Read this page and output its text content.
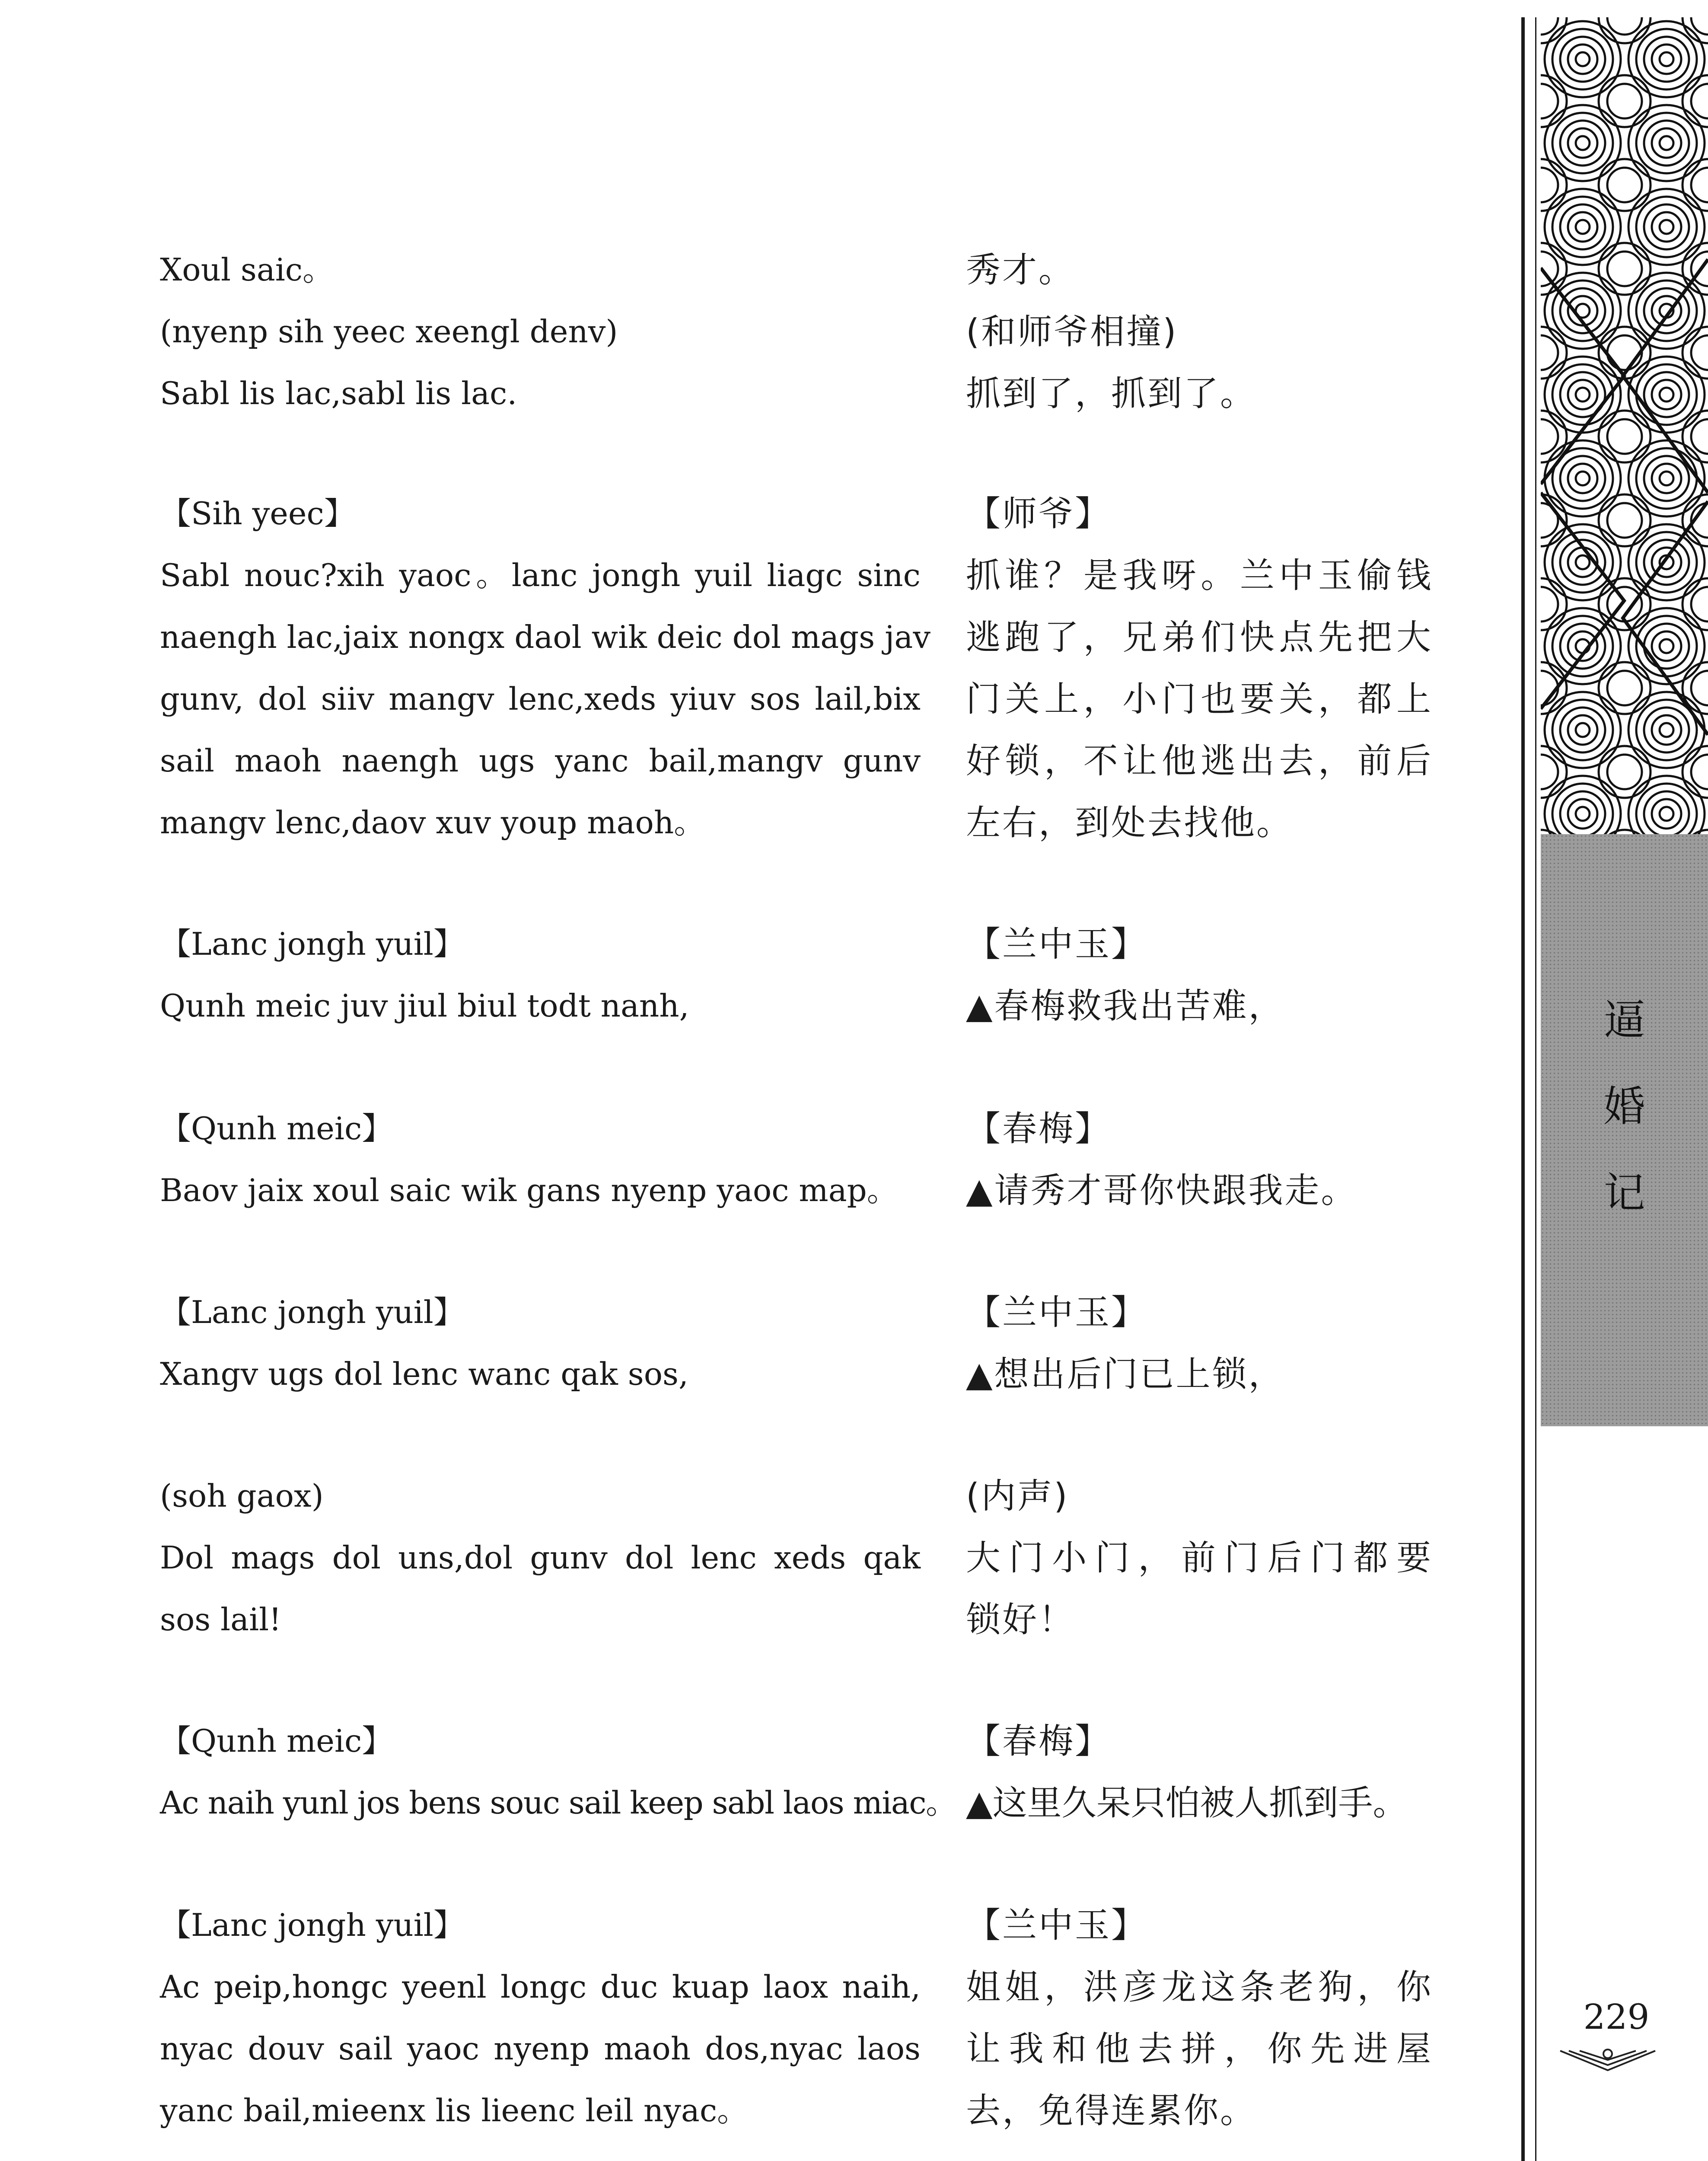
Xoul saic。
(nyenp sih yeec xeengl denv)
Sabl lis lac,sabl lis lac.
【Sih yeec】
Sabl nouc?xih yaoc。lanc jongh yuil liagc sinc
naengh lac,jaix nongx daol wik deic dol mags jav
gunv, dol siiv mangv lenc,xeds yiuv sos lail,bix
sail maoh naengh ugs yanc bail,mangv gunv
mangv lenc,daov xuv youp maoh。
【Lanc jongh yuil】
Qunh meic juv jiul biul todt nanh,
【Qunh meic】
Baov jaix xoul saic wik gans nyenp yaoc map。
【Lanc jongh yuil】
Xangv ugs dol lenc wanc qak sos,
(soh gaox)
Dol mags dol uns,dol gunv dol lenc xeds qak
sos lail!
【Qunh meic】
Ac naih yunl jos bens souc sail keep sabl laos miac。
【Lanc jongh yuil】
Ac peip,hongc yeenl longc duc kuap laox naih,
nyac douv sail yaoc nyenp maoh dos,nyac laos
yanc bail,mieenx lis lieenc leil nyac。
秀才。
(和师爷相撞)
抓到了，抓到了。
【师爷】
抓谁？是我呀。兰中玉偷钱
逃跑了，兄弟们快点先把大
门关上，小门也要关，都上
好锁，不让他逃出去，前后
左右，到处去找他。
【兰中玉】
▲春梅救我出苦难，
【春梅】
▲请秀才哥你快跟我走。
【兰中玉】
▲想出后门已上锁，
(内声)
大门小门，前门后门都要
锁好！
【春梅】
▲这里久呆只怕被人抓到手。
【兰中玉】
姐姐，洪彦龙这条老狗，你
让我和他去拼，你先进屋
去，免得连累你。
逼
婚
记
229
